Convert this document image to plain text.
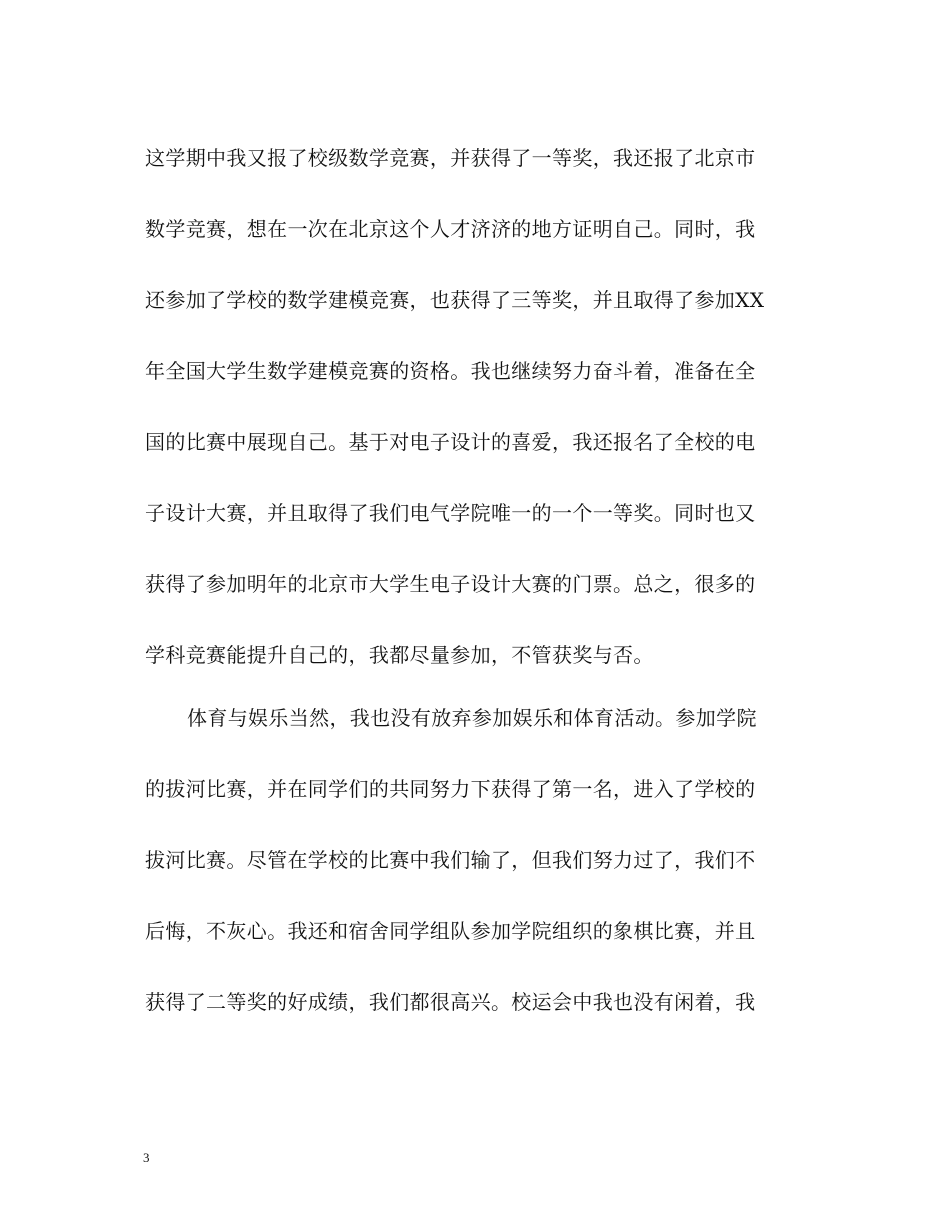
这学期中我又报了校级数学竞赛，并获得了一等奖，我还报了北京市
数学竞赛，想在一次在北京这个人才济济的地方证明自己。同时，我
还参加了学校的数学建模竞赛，也获得了三等奖，并且取得了参加XX
年全国大学生数学建模竞赛的资格。我也继续努力奋斗着，准备在全
国的比赛中展现自己。基于对电子设计的喜爱，我还报名了全校的电
子设计大赛，并且取得了我们电气学院唯一的一个一等奖。同时也又
获得了参加明年的北京市大学生电子设计大赛的门票。总之，很多的
学科竞赛能提升自己的，我都尽量参加，不管获奖与否。
体育与娱乐当然，我也没有放弃参加娱乐和体育活动。参加学院
的拔河比赛，并在同学们的共同努力下获得了第一名，进入了学校的
拔河比赛。尽管在学校的比赛中我们输了，但我们努力过了，我们不
后悔，不灰心。我还和宿舍同学组队参加学院组织的象棋比赛，并且
获得了二等奖的好成绩，我们都很高兴。校运会中我也没有闲着，我
3
